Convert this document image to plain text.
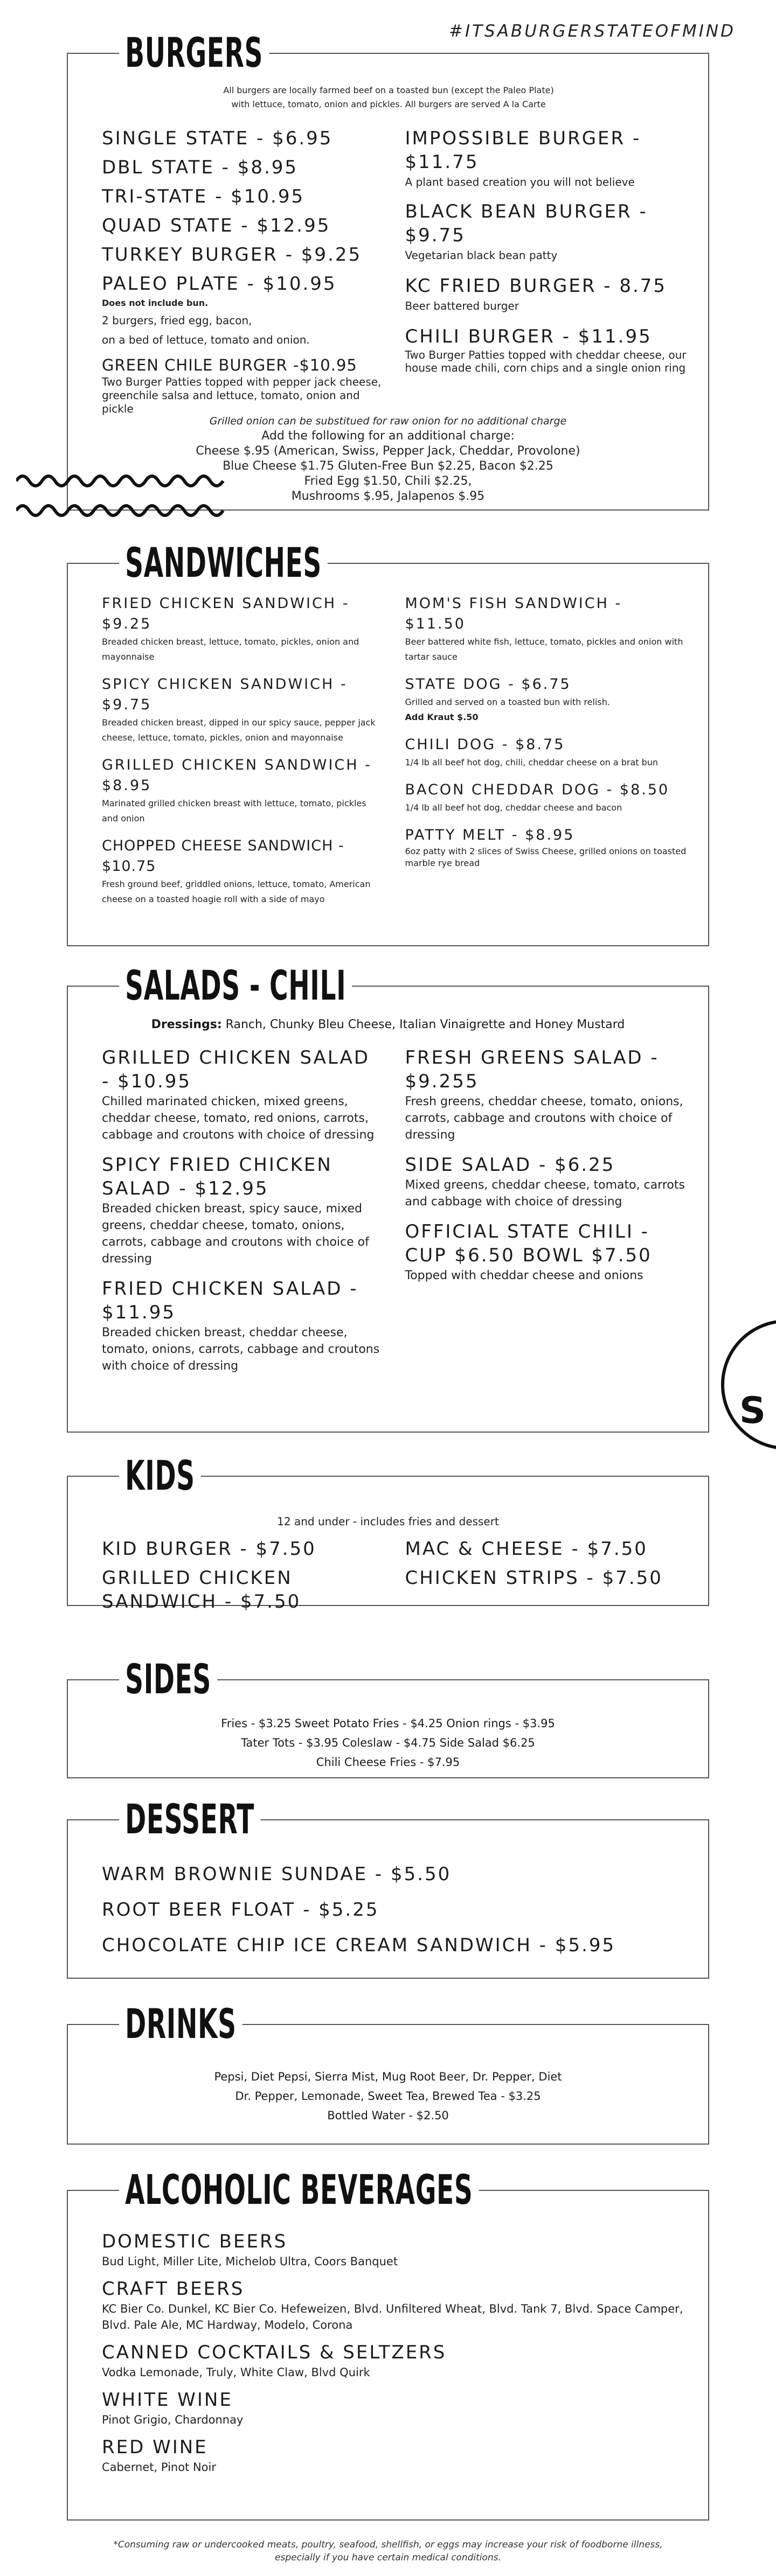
#ITSABURGERSTATEOFMIND
BURGERS
All burgers are locally farmed beef on a toasted bun (except the Paleo Plate) with lettuce, tomato, onion and pickles. All burgers are served A la Carte
SINGLE STATE - $6.95
DBL STATE - $8.95
TRI-STATE - $10.95
QUAD STATE - $12.95
TURKEY BURGER - $9.25
PALEO PLATE - $10.95
Does not include bun.
2 burgers, fried egg, bacon,
on a bed of lettuce, tomato and onion.
GREEN CHILE BURGER -$10.95
Two Burger Patties topped with pepper jack cheese, greenchile salsa and lettuce, tomato, onion and pickle
IMPOSSIBLE BURGER - $11.75
A plant based creation you will not believe
BLACK BEAN BURGER - $9.75
Vegetarian black bean patty
KC FRIED BURGER - 8.75
Beer battered burger
CHILI BURGER - $11.95
Two Burger Patties topped with cheddar cheese, our house made chili, corn chips and a single onion ring
Grilled onion can be substitued for raw onion for no additional charge
Add the following for an additional charge:
Cheese $.95 (American, Swiss, Pepper Jack, Cheddar, Provolone)
Blue Cheese $1.75 Gluten-Free Bun $2.25, Bacon $2.25
Fried Egg $1.50, Chili $2.25,
Mushrooms $.95, Jalapenos $.95
SANDWICHES
FRIED CHICKEN SANDWICH - $9.25
Breaded chicken breast, lettuce, tomato, pickles, onion and mayonnaise
SPICY CHICKEN SANDWICH - $9.75
Breaded chicken breast, dipped in our spicy sauce, pepper jack cheese, lettuce, tomato, pickles, onion and mayonnaise
GRILLED CHICKEN SANDWICH - $8.95
Marinated grilled chicken breast with lettuce, tomato, pickles and onion
CHOPPED CHEESE SANDWICH - $10.75
Fresh ground beef, griddled onions, lettuce, tomato, American cheese on a toasted hoagie roll with a side of mayo
MOM'S FISH SANDWICH - $11.50
Beer battered white fish, lettuce, tomato, pickles and onion with tartar sauce
STATE DOG - $6.75
Grilled and served on a toasted bun with relish.
Add Kraut $.50
CHILI DOG - $8.75
1/4 lb all beef hot dog, chili, cheddar cheese on a brat bun
BACON CHEDDAR DOG - $8.50
1/4 lb all beef hot dog, cheddar cheese and bacon
PATTY MELT - $8.95
6oz patty with 2 slices of Swiss Cheese, grilled onions on toasted marble rye bread
SALADS - CHILI
Dressings: Ranch, Chunky Bleu Cheese, Italian Vinaigrette and Honey Mustard
GRILLED CHICKEN SALAD - $10.95
Chilled marinated chicken, mixed greens, cheddar cheese, tomato, red onions, carrots, cabbage and croutons with choice of dressing
SPICY FRIED CHICKEN SALAD - $12.95
Breaded chicken breast, spicy sauce, mixed greens, cheddar cheese, tomato, onions, carrots, cabbage and croutons with choice of dressing
FRIED CHICKEN SALAD - $11.95
Breaded chicken breast, cheddar cheese, tomato, onions, carrots, cabbage and croutons with choice of dressing
FRESH GREENS SALAD - $9.255
Fresh greens, cheddar cheese, tomato, onions, carrots, cabbage and croutons with choice of dressing
SIDE SALAD - $6.25
Mixed greens, cheddar cheese, tomato, carrots and cabbage with choice of dressing
OFFICIAL STATE CHILI - CUP $6.50 BOWL $7.50
Topped with cheddar cheese and onions
S
KIDS
12 and under - includes fries and dessert
KID BURGER - $7.50
GRILLED CHICKEN SANDWICH - $7.50
MAC & CHEESE - $7.50
CHICKEN STRIPS - $7.50
SIDES
Fries - $3.25 Sweet Potato Fries - $4.25 Onion rings - $3.95
Tater Tots - $3.95 Coleslaw - $4.75 Side Salad $6.25
Chili Cheese Fries - $7.95
DESSERT
WARM BROWNIE SUNDAE - $5.50
ROOT BEER FLOAT - $5.25
CHOCOLATE CHIP ICE CREAM SANDWICH - $5.95
DRINKS
Pepsi, Diet Pepsi, Sierra Mist, Mug Root Beer, Dr. Pepper, Diet
Dr. Pepper, Lemonade, Sweet Tea, Brewed Tea - $3.25
Bottled Water - $2.50
ALCOHOLIC BEVERAGES
DOMESTIC BEERS
Bud Light, Miller Lite, Michelob Ultra, Coors Banquet
CRAFT BEERS
KC Bier Co. Dunkel, KC Bier Co. Hefeweizen, Blvd. Unfiltered Wheat, Blvd. Tank 7, Blvd. Space Camper, Blvd. Pale Ale, MC Hardway, Modelo, Corona
CANNED COCKTAILS & SELTZERS
Vodka Lemonade, Truly, White Claw, Blvd Quirk
WHITE WINE
Pinot Grigio, Chardonnay
RED WINE
Cabernet, Pinot Noir
*Consuming raw or undercooked meats, poultry, seafood, shellfish, or eggs may increase your risk of foodborne illness,
especially if you have certain medical conditions.
